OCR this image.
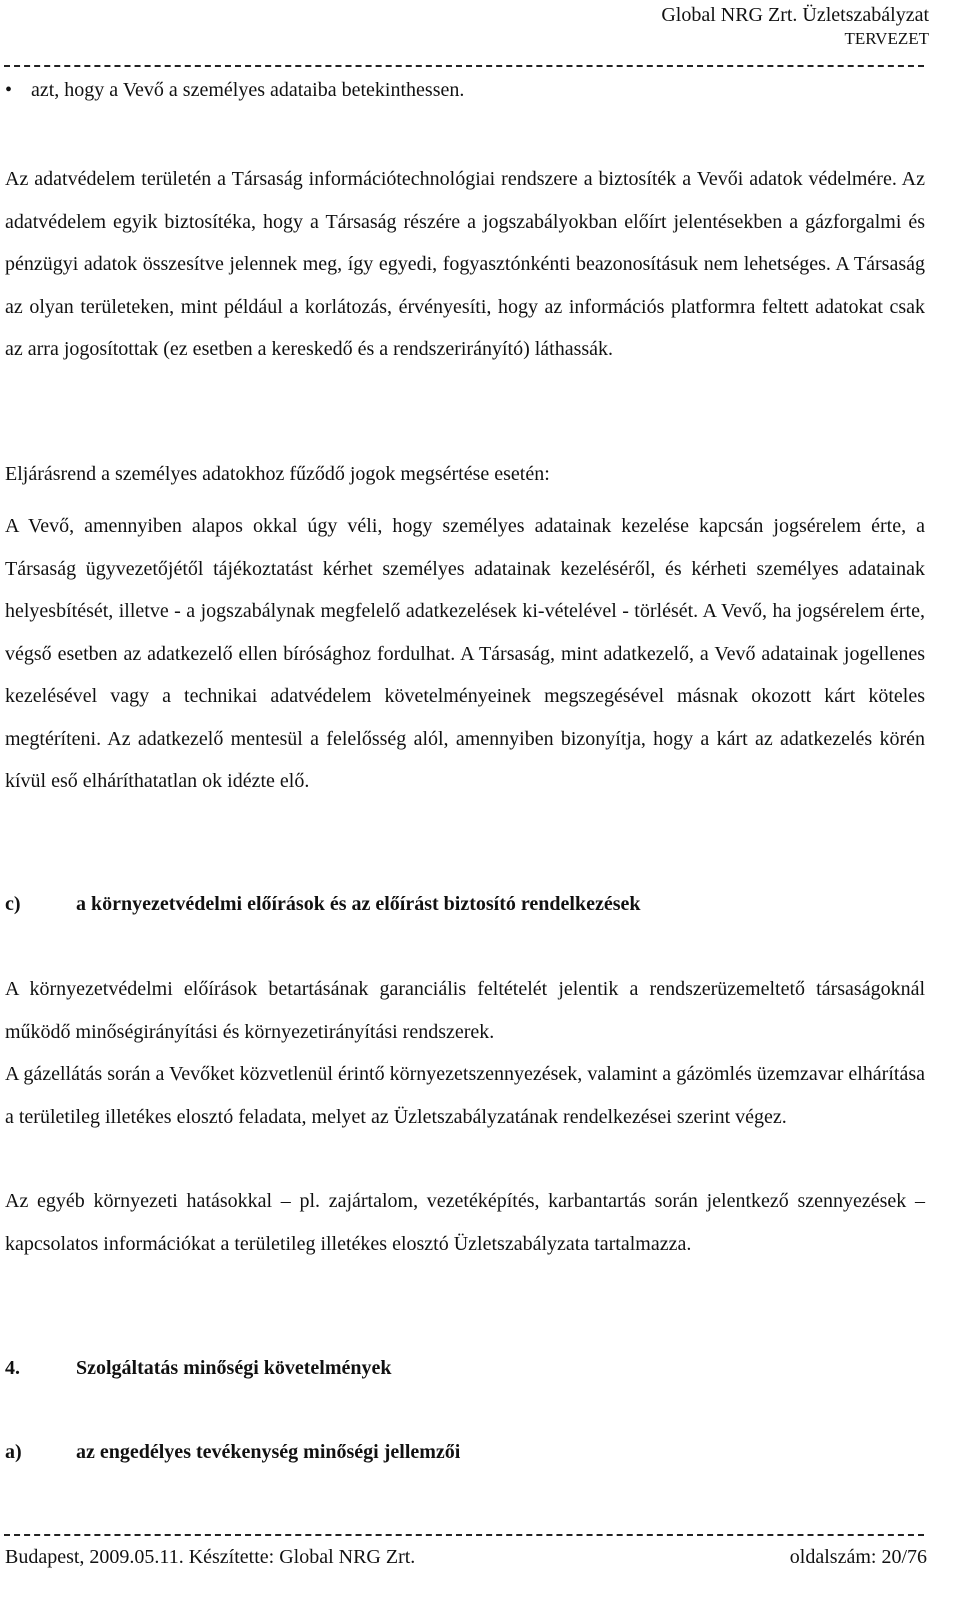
Global NRG Zrt. Üzletszabályzat
TERVEZET
• azt, hogy a Vevő a személyes adataiba betekinthessen.

Az adatvédelem területén a Társaság információtechnológiai rendszere a biztosíték a Vevői adatok védelmére. Az adatvédelem egyik biztosítéka, hogy a Társaság részére a jogszabályokban előírt jelentésekben a gázforgalmi és pénzügyi adatok összesítve jelennek meg, így egyedi, fogyasztónkénti beazonosításuk nem lehetséges. A Társaság az olyan területeken, mint például a korlátozás, érvényesíti, hogy az információs platformra feltett adatokat csak az arra jogosítottak (ez esetben a kereskedő és a rendszerirányító) láthassák.

Eljárásrend a személyes adatokhoz fűződő jogok megsértése esetén:

A Vevő, amennyiben alapos okkal úgy véli, hogy személyes adatainak kezelése kapcsán jogsérelem érte, a Társaság ügyvezetőjétől tájékoztatást kérhet személyes adatainak kezeléséről, és kérheti személyes adatainak helyesbítését, illetve - a jogszabálynak megfelelő adatkezelések ki-vételével - törlését. A Vevő, ha jogsérelem érte, végső esetben az adatkezelő ellen bírósághoz fordulhat. A Társaság, mint adatkezelő, a Vevő adatainak jogellenes kezelésével vagy a technikai adatvédelem követelményeinek megszegésével másnak okozott kárt köteles megtéríteni. Az adatkezelő mentesül a felelősség alól, amennyiben bizonyítja, hogy a kárt az adatkezelés körén kívül eső elháríthatatlan ok idézte elő.

c)	a környezetvédelmi előírások és az előírást biztosító rendelkezések

A környezetvédelmi előírások betartásának garanciális feltételét jelentik a rendszerüzemeltető társaságoknál működő minőségirányítási és környezetirányítási rendszerek.

A gázellátás során a Vevőket közvetlenül érintő környezetszennyezések, valamint a gázömlés üzemzavar elhárítása a területileg illetékes elosztó feladata, melyet az Üzletszabályzatának rendelkezései szerint végez.

Az egyéb környezeti hatásokkal – pl. zajártalom, vezetéképítés, karbantartás során jelentkező szennyezések – kapcsolatos információkat a területileg illetékes elosztó Üzletszabályzata tartalmazza.

4.	Szolgáltatás minőségi követelmények
a)	az engedélyes tevékenység minőségi jellemzői
Budapest, 2009.05.11. Készítette: Global NRG Zrt.	oldalszám: 20/76
